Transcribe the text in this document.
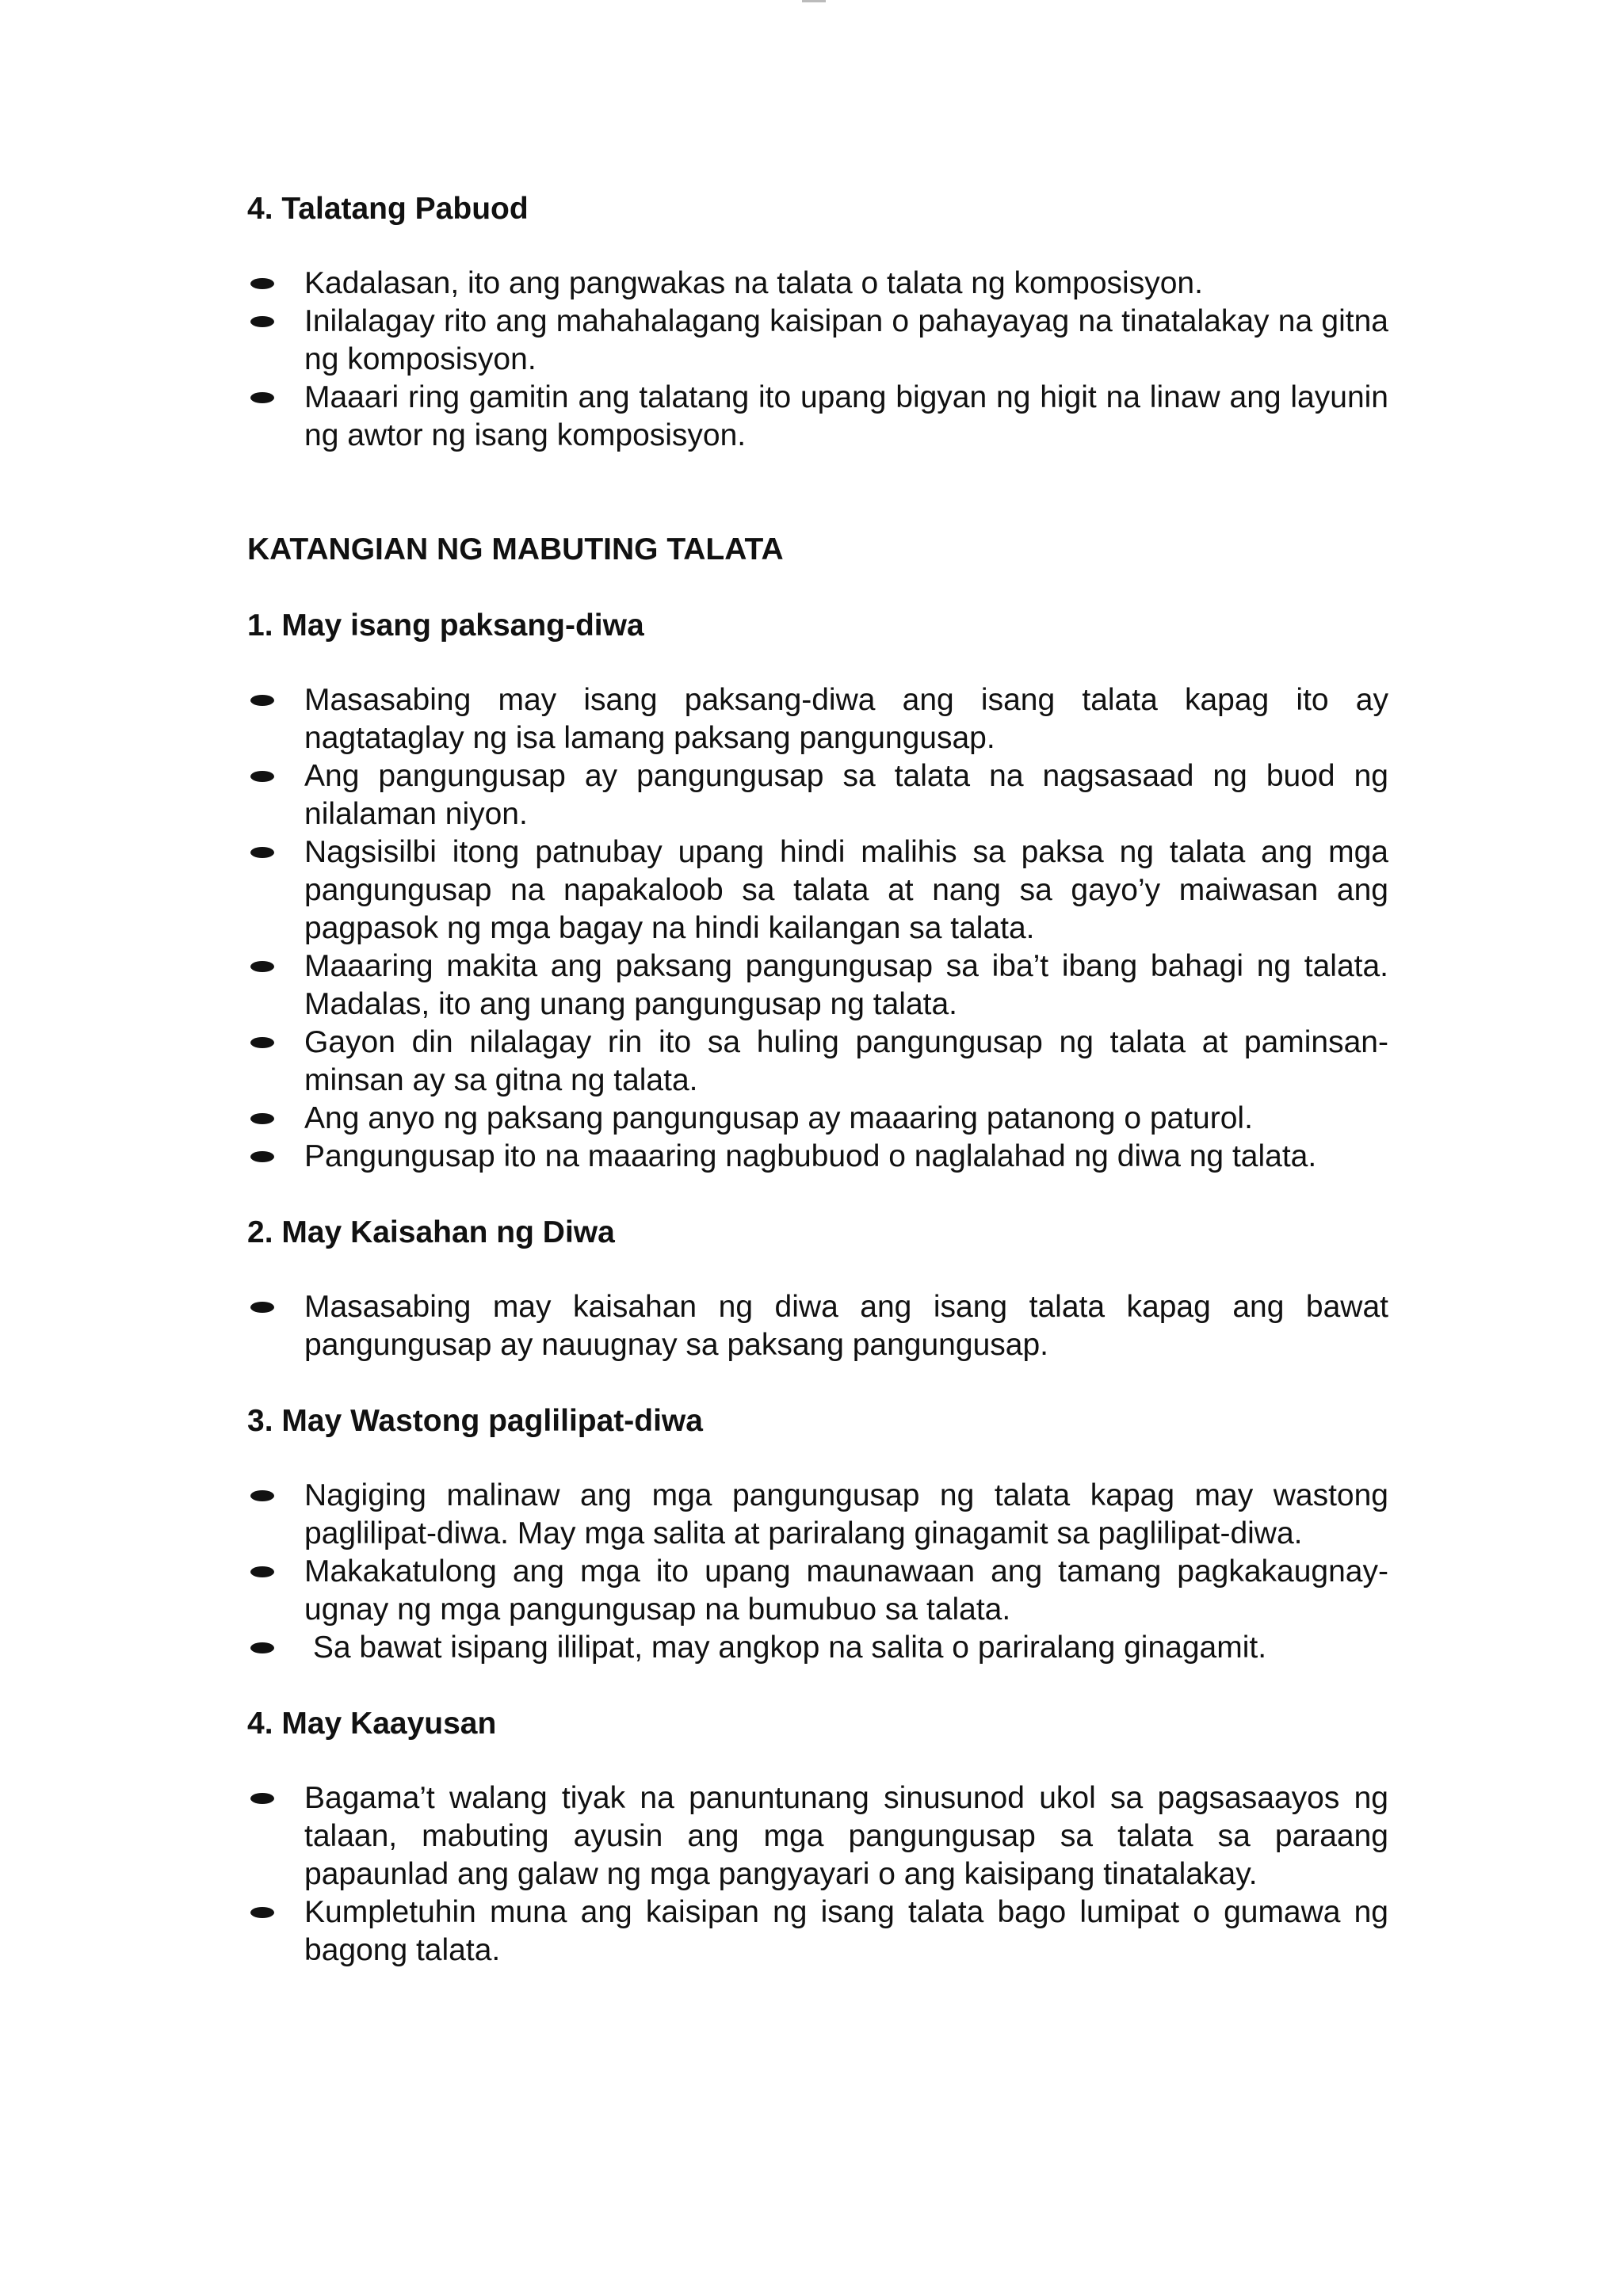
4. Talatang Pabuod
Kadalasan, ito ang pangwakas na talata o talata ng komposisyon.
Inilalagay rito ang mahahalagang kaisipan o pahayayag na tinatalakay na gitna ng komposisyon.
Maaari ring gamitin ang talatang ito upang bigyan ng higit na linaw ang layunin ng awtor ng isang komposisyon.
KATANGIAN NG MABUTING TALATA
1. May isang paksang-diwa
Masasabing may isang paksang-diwa ang isang talata kapag ito ay nagtataglay ng isa lamang paksang pangungusap.
Ang pangungusap ay pangungusap sa talata na nagsasaad ng buod ng nilalaman niyon.
Nagsisilbi itong patnubay upang hindi malihis sa paksa ng talata ang mga pangungusap na napakaloob sa talata at nang sa gayo’y maiwasan ang pagpasok ng mga bagay na hindi kailangan sa talata.
Maaaring makita ang paksang pangungusap sa iba’t ibang bahagi ng talata. Madalas, ito ang unang pangungusap ng talata.
Gayon din nilalagay rin ito sa huling pangungusap ng talata at paminsan-minsan ay sa gitna ng talata.
Ang anyo ng paksang pangungusap ay maaaring patanong o paturol.
Pangungusap ito na maaaring nagbubuod o naglalahad ng diwa ng talata.
2. May Kaisahan ng Diwa
Masasabing may kaisahan ng diwa ang isang talata kapag ang bawat pangungusap ay nauugnay sa paksang pangungusap.
3. May Wastong paglilipat-diwa
Nagiging malinaw ang mga pangungusap ng talata kapag may wastong paglilipat-diwa. May mga salita at pariralang ginagamit sa paglilipat-diwa.
Makakatulong ang mga ito upang maunawaan ang tamang pagkakaugnay-ugnay ng mga pangungusap na bumubuo sa talata.
Sa bawat isipang ililipat, may angkop na salita o pariralang ginagamit.
4. May Kaayusan
Bagama’t walang tiyak na panuntunang sinusunod ukol sa pagsasaayos ng talaan, mabuting ayusin ang mga pangungusap sa talata sa paraang papaunlad ang galaw ng mga pangyayari o ang kaisipang tinatalakay.
Kumpletuhin muna ang kaisipan ng isang talata bago lumipat o gumawa ng bagong talata.
